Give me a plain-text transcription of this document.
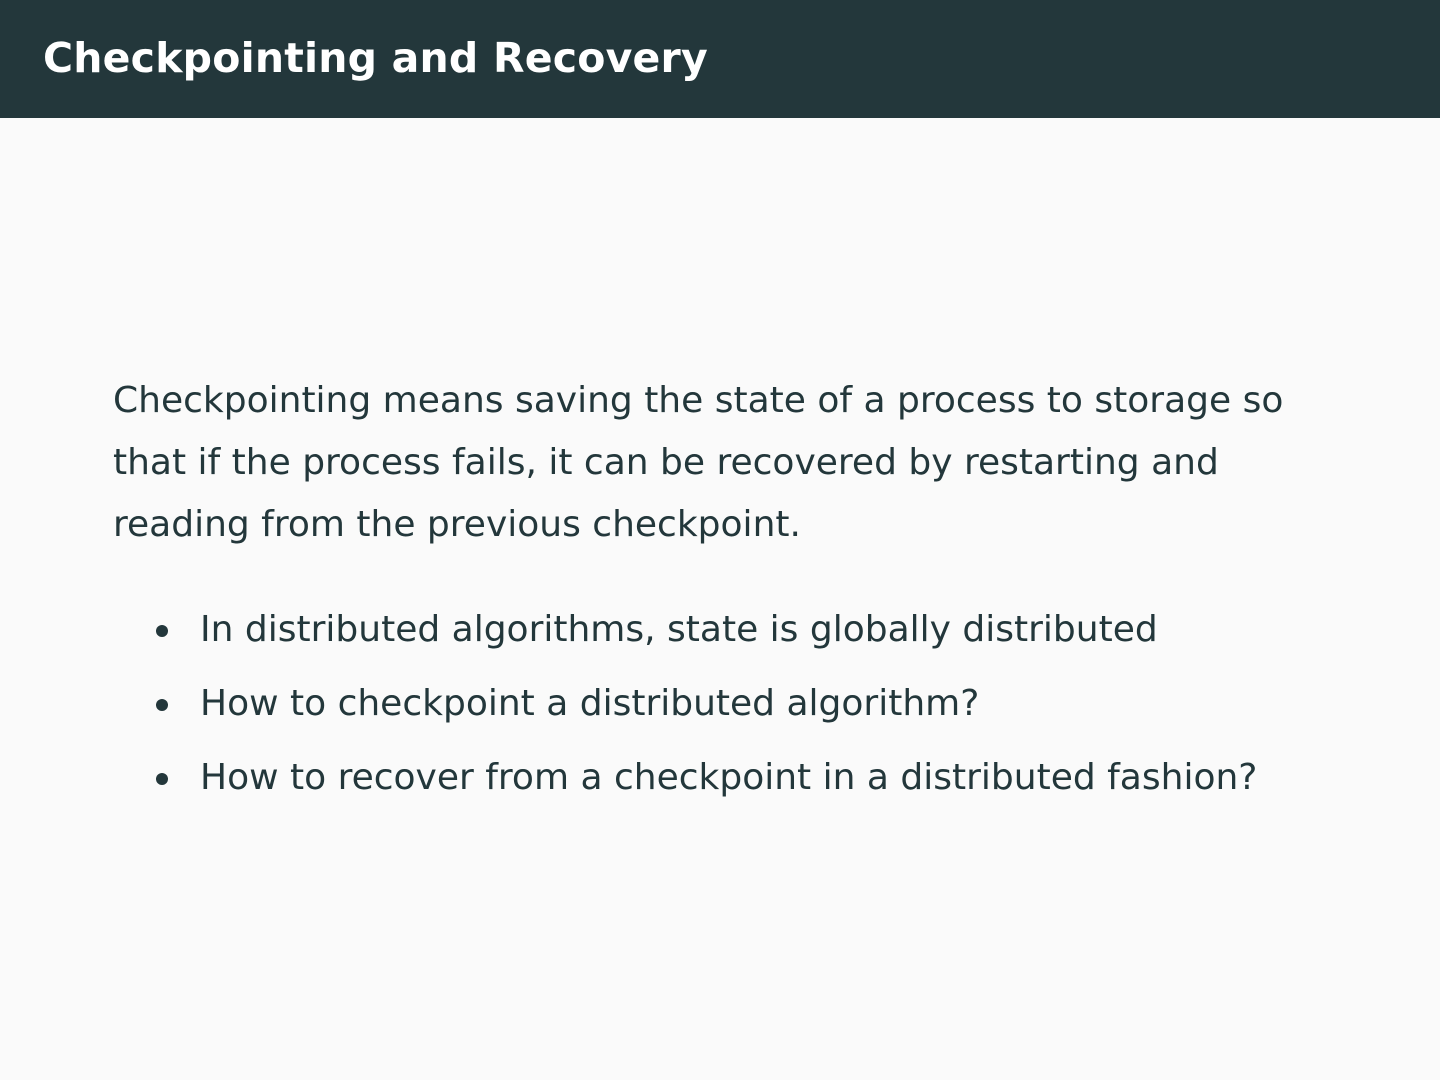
Checkpointing and Recovery

Checkpointing means saving the state of a process to storage so that if the process fails, it can be recovered by restarting and reading from the previous checkpoint.

In distributed algorithms, state is globally distributed
How to checkpoint a distributed algorithm?
How to recover from a checkpoint in a distributed fashion?
